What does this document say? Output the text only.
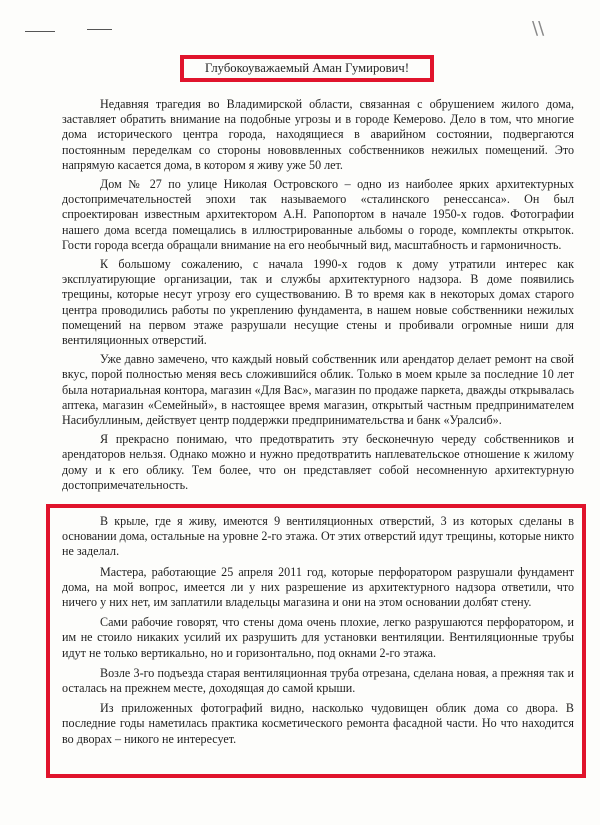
\\
Глубокоуважаемый Аман Гумирович!

Недавняя трагедия во Владимирской области, связанная с обрушением жилого дома, заставляет обратить внимание на подобные угрозы и в городе Кемерово. Дело в том, что многие дома исторического центра города, находящиеся в аварийном состоянии, подвергаются постоянным переделкам со стороны нововвленных собственников нежилых помещений. Это напрямую касается дома, в котором я живу уже 50 лет.

Дом № 27 по улице Николая Островского – одно из наиболее ярких архитектурных достопримечательностей эпохи так называемого «сталинского ренессанса». Он был спроектирован известным архитектором А.Н. Рапопортом в начале 1950-х годов. Фотографии нашего дома всегда помещались в иллюстрированные альбомы о городе, комплекты открыток. Гости города всегда обращали внимание на его необычный вид, масштабность и гармоничность.

К большому сожалению, с начала 1990-х годов к дому утратили интерес как эксплуатирующие организации, так и службы архитектурного надзора. В доме появились трещины, которые несут угрозу его существованию. В то время как в некоторых домах старого центра проводились работы по укреплению фундамента, в нашем новые собственники нежилых помещений на первом этаже разрушали несущие стены и пробивали огромные ниши для вентиляционных отверстий.

Уже давно замечено, что каждый новый собственник или арендатор делает ремонт на свой вкус, порой полностью меняя весь сложившийся облик. Только в моем крыле за последние 10 лет была нотариальная контора, магазин «Для Вас», магазин по продаже паркета, дважды открывалась аптека, магазин «Семейный», в настоящее время магазин, открытый частным предпринимателем Насибуллиным, действует центр поддержки предпринимательства и банк «Уралсиб».

Я прекрасно понимаю, что предотвратить эту бесконечную череду собственников и арендаторов нельзя. Однако можно и нужно предотвратить наплевательское отношение к жилому дому и к его облику. Тем более, что он представляет собой несомненную архитектурную достопримечательность.

В крыле, где я живу, имеются 9 вентиляционных отверстий, 3 из которых сделаны в основании дома, остальные на уровне 2-го этажа. От этих отверстий идут трещины, которые никто не заделал.

Мастера, работающие 25 апреля 2011 год, которые перфоратором разрушали фундамент дома, на мой вопрос, имеется ли у них разрешение из архитектурного надзора ответили, что ничего у них нет, им заплатили владельцы магазина и они на этом основании долбят стену.

Сами рабочие говорят, что стены дома очень плохие, легко разрушаются перфоратором, и им не стоило никаких усилий их разрушить для установки вентиляции. Вентиляционные трубы идут не только вертикально, но и горизонтально, под окнами 2-го этажа.

Возле 3-го подъезда старая вентиляционная труба отрезана, сделана новая, а прежняя так и осталась на прежнем месте, доходящая до самой крыши.

Из приложенных фотографий видно, насколько чудовищен облик дома со двора. В последние годы наметилась практика косметического ремонта фасадной части. Но что находится во дворах – никого не интересует.
